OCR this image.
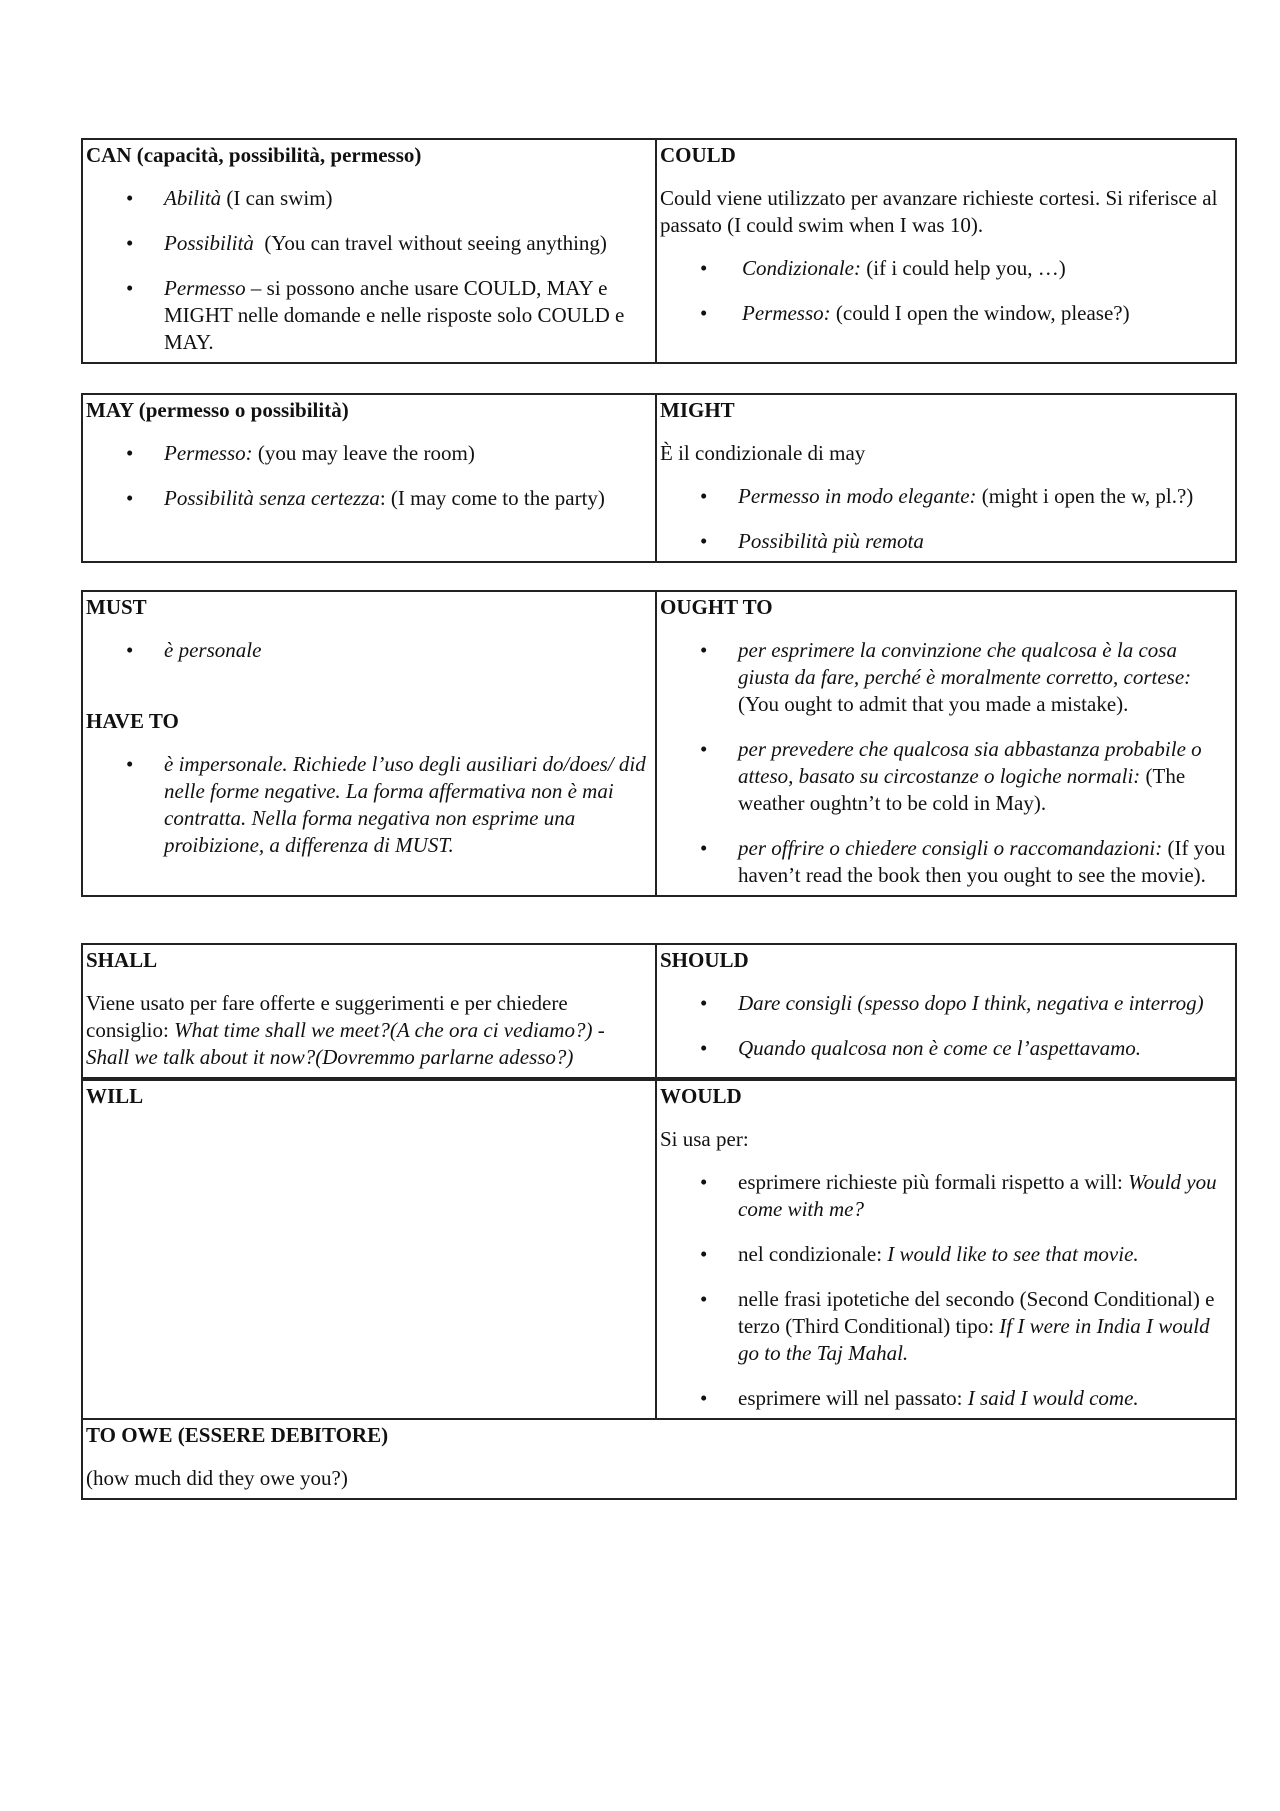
CAN (capacità, possibilità, permesso)
• Abilità (I can swim)
• Possibilità  (You can travel without seeing anything)
• Permesso – si possono anche usare COULD, MAY e MIGHT nelle domande e nelle risposte solo COULD e MAY.
COULD

Could viene utilizzato per avanzare richieste cortesi. Si riferisce al passato (I could swim when I was 10).

• Condizionale: (if i could help you, …)
• Permesso: (could I open the window, please?)
MAY (permesso o possibilità)
• Permesso: (you may leave the room)
• Possibilità senza certezza: (I may come to the party)
MIGHT

È il condizionale di may

• Permesso in modo elegante: (might i open the w, pl.?)
• Possibilità più remota
MUST
• è personale
HAVE TO
• è impersonale. Richiede l’uso degli ausiliari do/does/ did nelle forme negative. La forma affermativa non è mai contratta. Nella forma negativa non esprime una proibizione, a differenza di MUST.
OUGHT TO
• per esprimere la convinzione che qualcosa è la cosa giusta da fare, perché è moralmente corretto, cortese: (You ought to admit that you made a mistake).
• per prevedere che qualcosa sia abbastanza probabile o atteso, basato su circostanze o logiche normali: (The weather oughtn’t to be cold in May).
• per offrire o chiedere consigli o raccomandazioni: (If you haven’t read the book then you ought to see the movie).
SHALL

Viene usato per fare offerte e suggerimenti e per chiedere consiglio: What time shall we meet?(A che ora ci vediamo?) - Shall we talk about it now?(Dovremmo parlarne adesso?)

SHOULD
• Dare consigli (spesso dopo I think, negativa e interrog)
• Quando qualcosa non è come ce l’aspettavamo.
WILL	WOULD

Si usa per:

• esprimere richieste più formali rispetto a will: Would you come with me?
• nel condizionale: I would like to see that movie.
• nelle frasi ipotetiche del secondo (Second Conditional) e terzo (Third Conditional) tipo: If I were in India I would go to the Taj Mahal.
• esprimere will nel passato: I said I would come.
TO OWE (ESSERE DEBITORE)

(how much did they owe you?)
